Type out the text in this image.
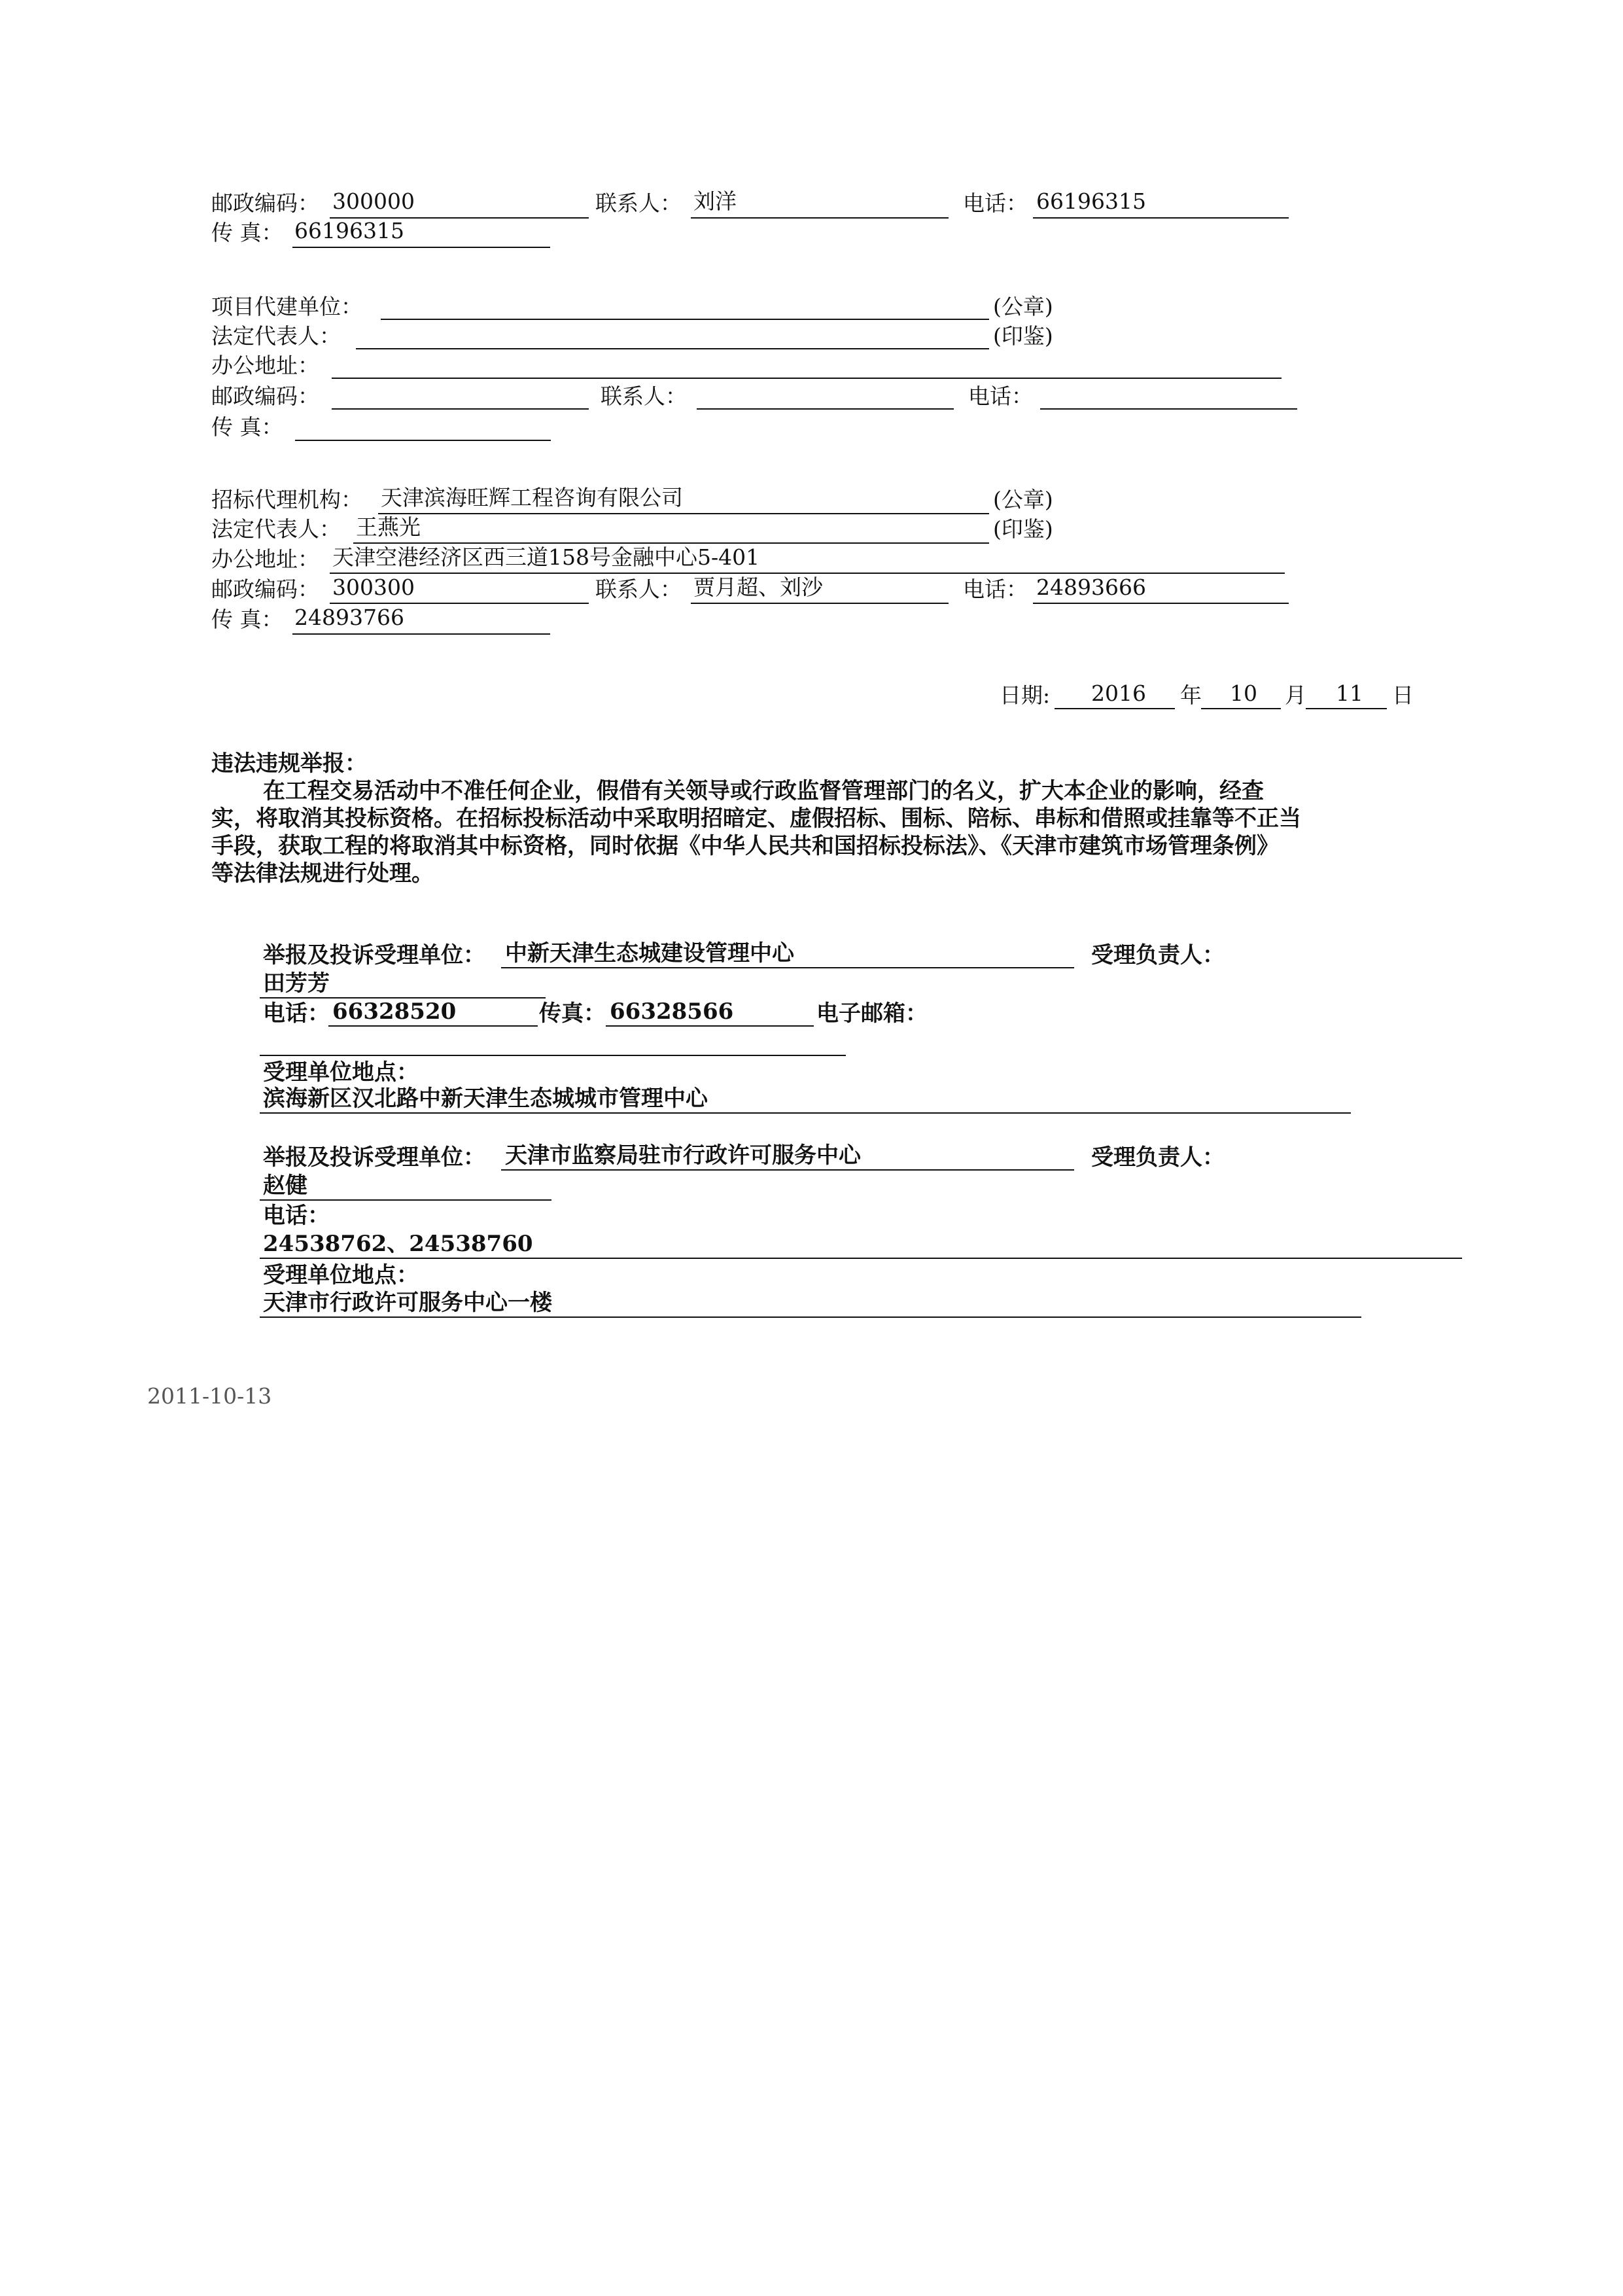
邮政编码： 300000	联系人： 刘洋	电话： 66196315
传 真： 66196315
项目代建单位：	(公章)
法定代表人：	(印鉴)
办公地址：
邮政编码：	联系人：	电话：
传 真：
招标代理机构： 天津滨海旺辉工程咨询有限公司	(公章)
法定代表人： 王燕光	(印鉴)
办公地址： 天津空港经济区西三道158号金融中心5-401
邮政编码： 300300	联系人： 贾月超、刘沙	电话： 24893666
传 真： 24893766
日期: 2016 年 10 月 11 日
违法违规举报：
在工程交易活动中不准任何企业，假借有关领导或行政监督管理部门的名义，扩大本企业的影响，经查
实，将取消其投标资格。在招标投标活动中采取明招暗定、虚假招标、围标、陪标、串标和借照或挂靠等不正当
手段，获取工程的将取消其中标资格，同时依据《中华人民共和国招标投标法》、《天津市建筑市场管理条例》
等法律法规进行处理。
举报及投诉受理单位： 中新天津生态城建设管理中心	受理负责人：
田芳芳
电话： 66328520	传真： 66328566	电子邮箱：
受理单位地点：
滨海新区汉北路中新天津生态城城市管理中心
举报及投诉受理单位： 天津市监察局驻市行政许可服务中心	受理负责人：
赵健
电话：
24538762、24538760
受理单位地点：
天津市行政许可服务中心一楼
2011-10-13
